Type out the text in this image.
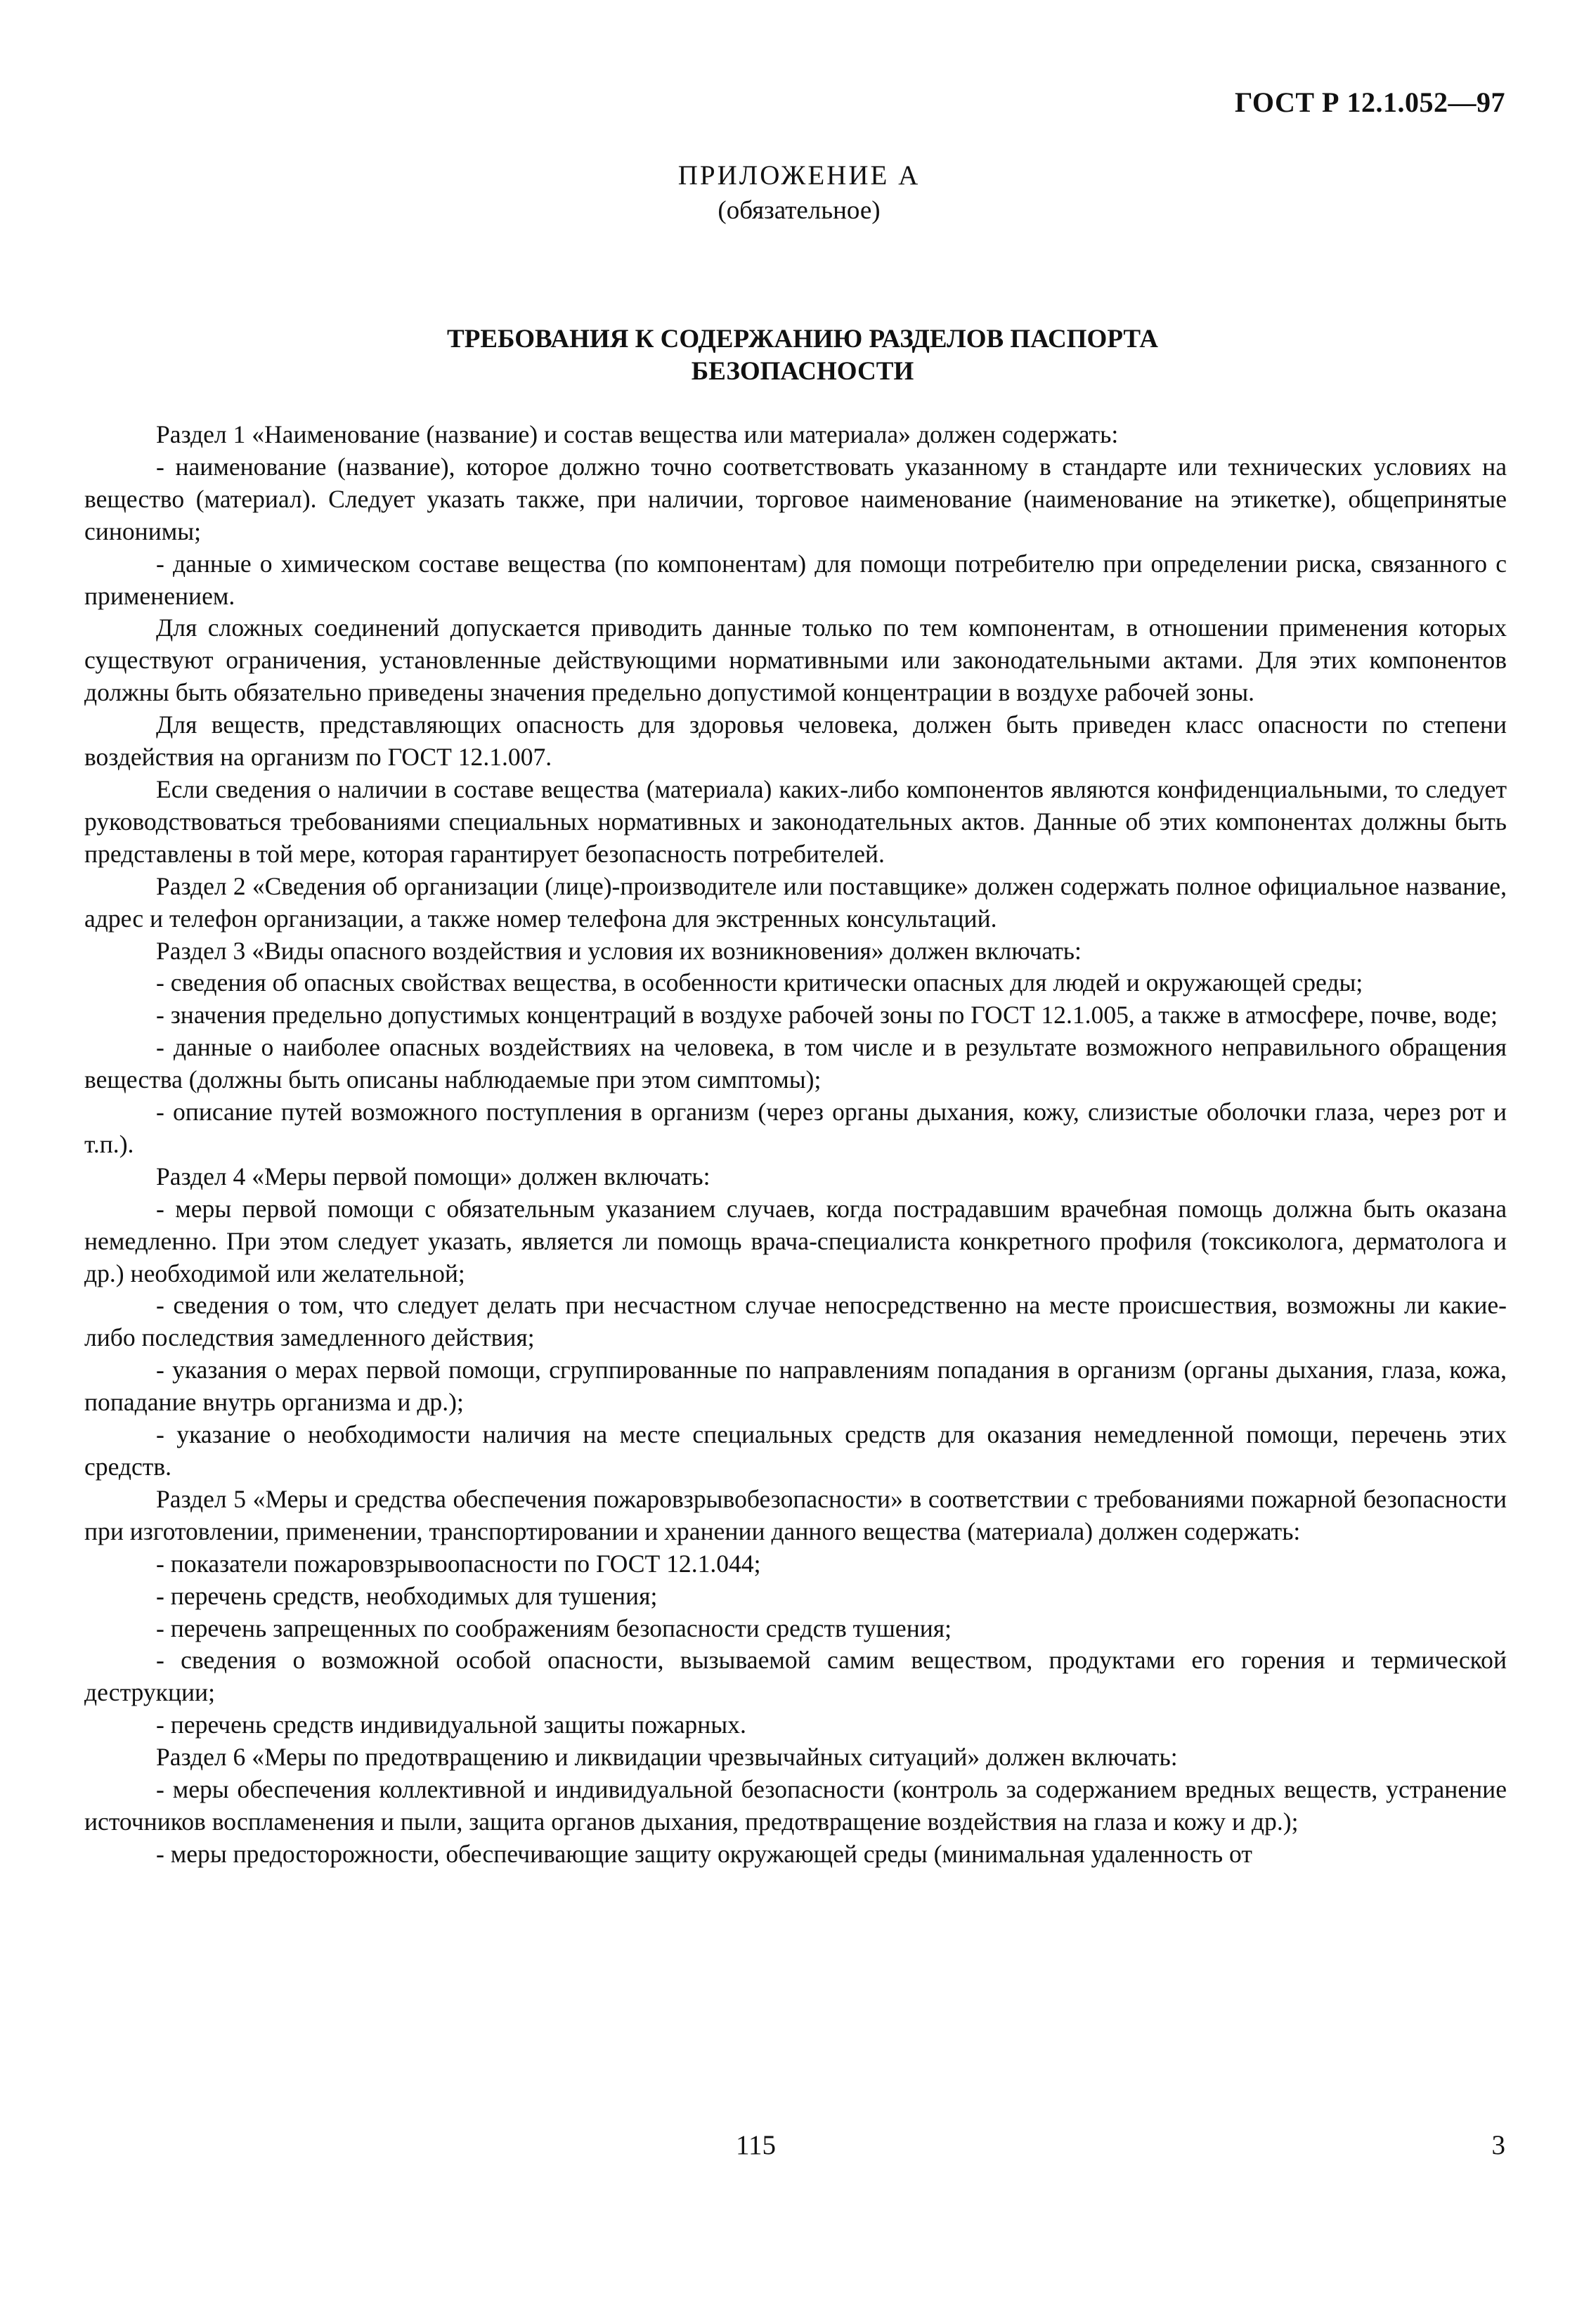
ГОСТ Р 12.1.052—97
ПРИЛОЖЕНИЕ А
(обязательное)
ТРЕБОВАНИЯ К СОДЕРЖАНИЮ РАЗДЕЛОВ ПАСПОРТА
БЕЗОПАСНОСТИ

Раздел 1 «Наименование (название) и состав вещества или материала» должен содержать:

- наименование (название), которое должно точно соответствовать указанному в стандарте или технических условиях на вещество (материал). Следует указать также, при наличии, торговое наименование (наименование на этикетке), общепринятые синонимы;

- данные о химическом составе вещества (по компонентам) для помощи потребителю при определении риска, связанного с применением.

Для сложных соединений допускается приводить данные только по тем компонентам, в отношении применения которых существуют ограничения, установленные действующими нормативными или законодательными актами. Для этих компонентов должны быть обязательно приведены значения предельно допустимой концентрации в воздухе рабочей зоны.

Для веществ, представляющих опасность для здоровья человека, должен быть приведен класс опасности по степени воздействия на организм по ГОСТ 12.1.007.

Если сведения о наличии в составе вещества (материала) каких-либо компонентов являются конфиденциальными, то следует руководствоваться требованиями специальных нормативных и законодательных актов. Данные об этих компонентах должны быть представлены в той мере, которая гарантирует безопасность потребителей.

Раздел 2 «Сведения об организации (лице)-производителе или поставщике» должен содержать полное официальное название, адрес и телефон организации, а также номер телефона для экстренных консультаций.

Раздел 3 «Виды опасного воздействия и условия их возникновения» должен включать:

- сведения об опасных свойствах вещества, в особенности критически опасных для людей и окружающей среды;

- значения предельно допустимых концентраций в воздухе рабочей зоны по ГОСТ 12.1.005, а также в атмосфере, почве, воде;

- данные о наиболее опасных воздействиях на человека, в том числе и в результате возможного неправильного обращения вещества (должны быть описаны наблюдаемые при этом симптомы);

- описание путей возможного поступления в организм (через органы дыхания, кожу, слизистые оболочки глаза, через рот и т.п.).

Раздел 4 «Меры первой помощи» должен включать:

- меры первой помощи с обязательным указанием случаев, когда пострадавшим врачебная помощь должна быть оказана немедленно. При этом следует указать, является ли помощь врача-специалиста конкретного профиля (токсиколога, дерматолога и др.) необходимой или желательной;

- сведения о том, что следует делать при несчастном случае непосредственно на месте происшествия, возможны ли какие-либо последствия замедленного действия;

- указания о мерах первой помощи, сгруппированные по направлениям попадания в организм (органы дыхания, глаза, кожа, попадание внутрь организма и др.);

- указание о необходимости наличия на месте специальных средств для оказания немедленной помощи, перечень этих средств.

Раздел 5 «Меры и средства обеспечения пожаровзрывобезопасности» в соответствии с требованиями пожарной безопасности при изготовлении, применении, транспортировании и хранении данного вещества (материала) должен содержать:

- показатели пожаровзрывоопасности по ГОСТ 12.1.044;

- перечень средств, необходимых для тушения;

- перечень запрещенных по соображениям безопасности средств тушения;

- сведения о возможной особой опасности, вызываемой самим веществом, продуктами его горения и термической деструкции;

- перечень средств индивидуальной защиты пожарных.

Раздел 6 «Меры по предотвращению и ликвидации чрезвычайных ситуаций» должен включать:

- меры обеспечения коллективной и индивидуальной безопасности (контроль за содержанием вредных веществ, устранение источников воспламенения и пыли, защита органов дыхания, предотвращение воздействия на глаза и кожу и др.);

- меры предосторожности, обеспечивающие защиту окружающей среды (минимальная удаленность от

115	3
